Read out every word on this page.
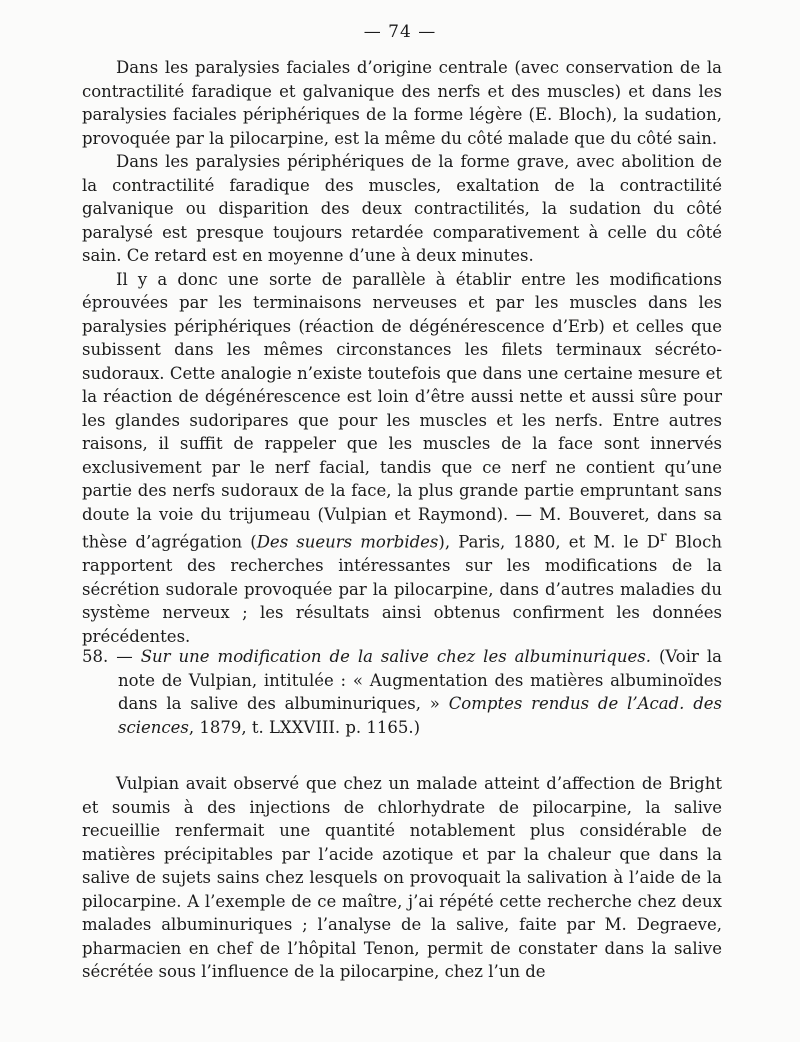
— 74 —

Dans les paralysies faciales d’origine centrale (avec conservation de la contractilité faradique et galvanique des nerfs et des muscles) et dans les paralysies faciales périphériques de la forme légère (E. Bloch), la sudation, provoquée par la pilocarpine, est la même du côté malade que du côté sain.

Dans les paralysies périphériques de la forme grave, avec abolition de la contractilité faradique des muscles, exaltation de la contractilité galvanique ou disparition des deux contractilités, la sudation du côté paralysé est presque toujours retardée comparativement à celle du côté sain. Ce retard est en moyenne d’une à deux minutes.

Il y a donc une sorte de parallèle à établir entre les modifications éprouvées par les terminaisons nerveuses et par les muscles dans les paralysies périphériques (réaction de dégénérescence d’Erb) et celles que subissent dans les mêmes circonstances les filets terminaux sécréto-sudoraux. Cette analogie n’existe toutefois que dans une certaine mesure et la réaction de dégénérescence est loin d’être aussi nette et aussi sûre pour les glandes sudoripares que pour les muscles et les nerfs. Entre autres raisons, il suffit de rappeler que les muscles de la face sont innervés exclusivement par le nerf facial, tandis que ce nerf ne contient qu’une partie des nerfs sudoraux de la face, la plus grande partie empruntant sans doute la voie du trijumeau (Vulpian et Raymond). — M. Bouveret, dans sa thèse d’agrégation (Des sueurs morbides), Paris, 1880, et M. le $D^r$ Bloch rapportent des recherches intéressantes sur les modifications de la sécrétion sudorale provoquée par la pilocarpine, dans d’autres maladies du système nerveux ; les résultats ainsi obtenus confirment les données précédentes.

58. — Sur une modification de la salive chez les albuminuriques. (Voir la note de Vulpian, intitulée : « Augmentation des matières albuminoïdes dans la salive des albuminuriques, » Comptes rendus de l’Acad. des sciences, 1879, t. LXXVIII. p. 1165.)

Vulpian avait observé que chez un malade atteint d’affection de Bright et soumis à des injections de chlorhydrate de pilocarpine, la salive recueillie renfermait une quantité notablement plus considérable de matières précipitables par l’acide azotique et par la chaleur que dans la salive de sujets sains chez lesquels on provoquait la salivation à l’aide de la pilocarpine. A l’exemple de ce maître, j’ai répété cette recherche chez deux malades albuminuriques ; l’analyse de la salive, faite par M. Degraeve, pharmacien en chef de l’hôpital Tenon, permit de constater dans la salive sécrétée sous l’influence de la pilocarpine, chez l’un de
